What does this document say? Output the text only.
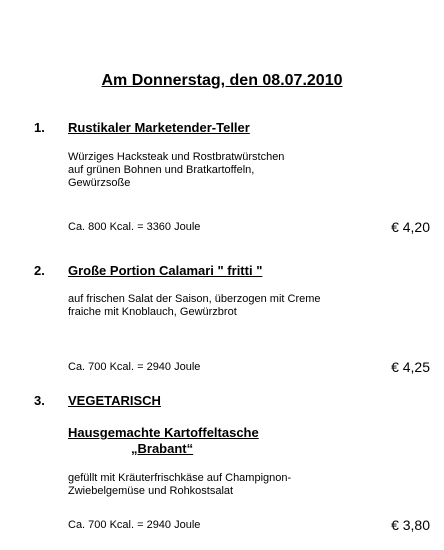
Am Donnerstag, den 08.07.2010
1. Rustikaler Marketender-Teller
Würziges Hacksteak und Rostbratwürstchen
auf grünen Bohnen und Bratkartoffeln,
Gewürzsoße
Ca. 800 Kcal. = 3360 Joule	€ 4,20
2. Große Portion Calamari " fritti "
auf frischen Salat der Saison, überzogen mit Creme
fraiche mit Knoblauch, Gewürzbrot
Ca. 700 Kcal. = 2940 Joule	€ 4,25
3. VEGETARISCH
Hausgemachte Kartoffeltasche
„Brabant“
gefüllt mit Kräuterfrischkäse auf Champignon-
Zwiebelgemüse und Rohkostsalat
Ca. 700 Kcal. = 2940 Joule	€ 3,80
